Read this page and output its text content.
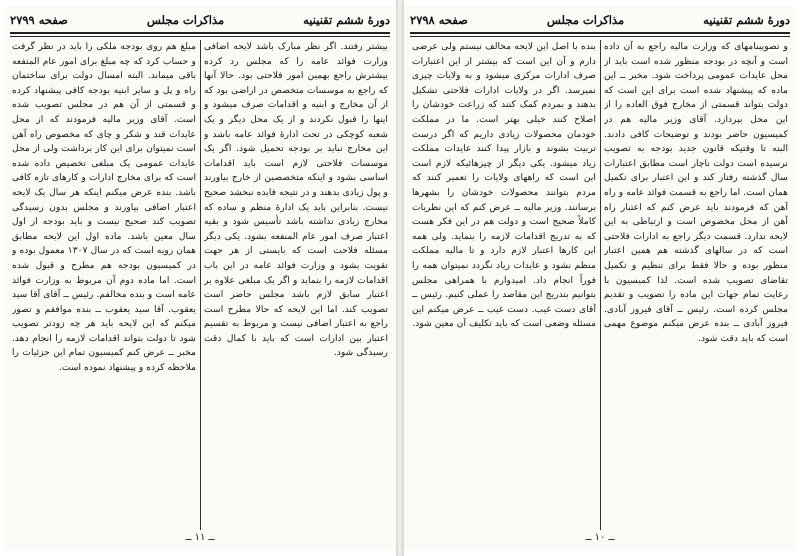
دورهٔ ششم تقنینیه
مذاکرات مجلس
صفحه ۲۷۹۹

بیشتر رفتند. اگر نظر مبارک باشد لایحه اضافی وزارت فوائد عامه را که مجلس رد کرده بیشترش راجع بهمین امور فلاحتی بود. حالا آنها که راجع به موسسات متخصص در اراضی بود که از آن مخارج و ابنیه و اقدامات صرف میشود و اینها را قبول نکردند و از یک محل دیگر و یک شعبه کوچکی در تحت ادارهٔ فوائد عامه باشد و این مخارج نباید بر بودجه تحمیل شود. اگر یک موسسات فلاحتی لازم است باید اقدامات اساسی بشود و اینکه متخصصین از خارج بیاورند و پول زیادی بدهند و در نتیجه فایده نبخشد صحیح نیست. بنابراین باید یک ادارهٔ منظم و ساده که مخارج زیادی نداشته باشد تأسیس شود و بقیه اعتبار صرف امور عام المنفعه بشود. یکی دیگر مسئله فلاحت است که بایستی از هر جهت تقویت بشود و وزارت فوائد عامه در این باب اقدامات لازمه را بنماید و اگر یک مبلغی علاوه بر اعتبار سابق لازم باشد مجلس حاضر است تصویب کند. اما این لایحه که حالا مطرح است راجع به اعتبار اضافی نیست و مربوط به تقسیم اعتبار بین ادارات است که باید با کمال دقت رسیدگی شود.

مبلغ هم روی بودجه ملکی را باید در نظر گرفت و حساب کرد که چه مبلغ برای امور عام المنفعه باقی میماند. البته امسال دولت برای ساختمان راه و پل و سایر ابنیه بودجه کافی پیشنهاد کرده و قسمتی از آن هم در مجلس تصویب شده است. آقای وزیر مالیه فرمودند که از محل عایدات قند و شکر و چای که مخصوص راه آهن است نمیتوان برای این کار برداشت ولی از محل عایدات عمومی یک مبلغی تخصیص داده شده است که برای مخارج ادارات و کارهای تازه کافی باشد. بنده عرض میکنم اینکه هر سال یک لایحه اعتبار اضافی بیاورند و مجلس بدون رسیدگی تصویب کند صحیح نیست و باید بودجه از اول سال معین باشد. ماده اول این لایحه مطابق همان رویه است که در سال ۱۳۰۷ معمول بوده و در کمیسیون بودجه هم مطرح و قبول شده است. اما ماده دوم آن مربوط به وزارت فوائد عامه است و بنده مخالفم. رئیس ــ آقای آقا سید یعقوب. آقا سید یعقوب ــ بنده موافقم و تصور میکنم که این لایحه باید هر چه زودتر تصویب شود تا دولت بتواند اقدامات لازمه را انجام دهد. مخبر ــ عرض کنم کمیسیون تمام این جزئیات را ملاحظه کرده و پیشنهاد نموده است.

ــ ١١ ــ
دورهٔ ششم تقنینیه
مذاکرات مجلس
صفحه ۲۷۹۸

و تصویبنامهای که وزارت مالیه راجع به آن داده است و آنچه در بودجه منظور شده است باید از محل عایدات عمومی پرداخت شود. مخبر ــ این ماده که پیشنهاد شده است برای این است که دولت بتواند قسمتی از مخارج فوق العاده را از این محل بپردازد. آقای وزیر مالیه هم در کمیسیون حاضر بودند و توضیحات کافی دادند. البته تا وقتیکه قانون جدید بودجه به تصویب نرسیده است دولت ناچار است مطابق اعتبارات سال گذشته رفتار کند و این اعتبار برای تکمیل همان است. اما راجع به قسمت فوائد عامه و راه آهن که فرمودند باید عرض کنم که اعتبار راه آهن از محل مخصوص است و ارتباطی به این لایحه ندارد. قسمت دیگر راجع به ادارات فلاحتی است که در سالهای گذشته هم همین اعتبار منظور بوده و حالا فقط برای تنظیم و تکمیل تقاضای تصویب شده است. لذا کمیسیون با رعایت تمام جهات این ماده را تصویب و تقدیم مجلس کرده است. رئیس ــ آقای فیروز آبادی. فیروز آبادی ــ بنده عرض میکنم موضوع مهمی است که باید دقت شود.

بنده با اصل این لایحه مخالف نیستم ولی عرضی دارم و آن این است که بیشتر از این اعتبارات صرف ادارات مرکزی میشود و به ولایات چیزی نمیرسد. اگر در ولایات ادارات فلاحتی تشکیل بدهند و بمردم کمک کنند که زراعت خودشان را اصلاح کنند خیلی بهتر است. ما در مملکت خودمان محصولات زیادی داریم که اگر درست تربیت بشوند و بازار پیدا کنند عایدات مملکت زیاد میشود. یکی دیگر از چیزهائیکه لازم است این است که راههای ولایات را تعمیر کنند که مردم بتوانند محصولات خودشان را بشهرها برسانند. وزیر مالیه ــ عرض کنم که این نظریات کاملاً صحیح است و دولت هم در این فکر هست که به تدریج اقدامات لازمه را بنماید. ولی همه این کارها اعتبار لازم دارد و تا مالیه مملکت منظم نشود و عایدات زیاد نگردد نمیتوان همه را فوراً انجام داد. امیدوارم با همراهی مجلس بتوانیم بتدریج این مقاصد را عملی کنیم. رئیس ــ آقای دست غیب. دست غیب ــ عرض میکنم این مسئله وضعی است که باید تکلیف آن معین شود.

ــ ١٠ ــ
